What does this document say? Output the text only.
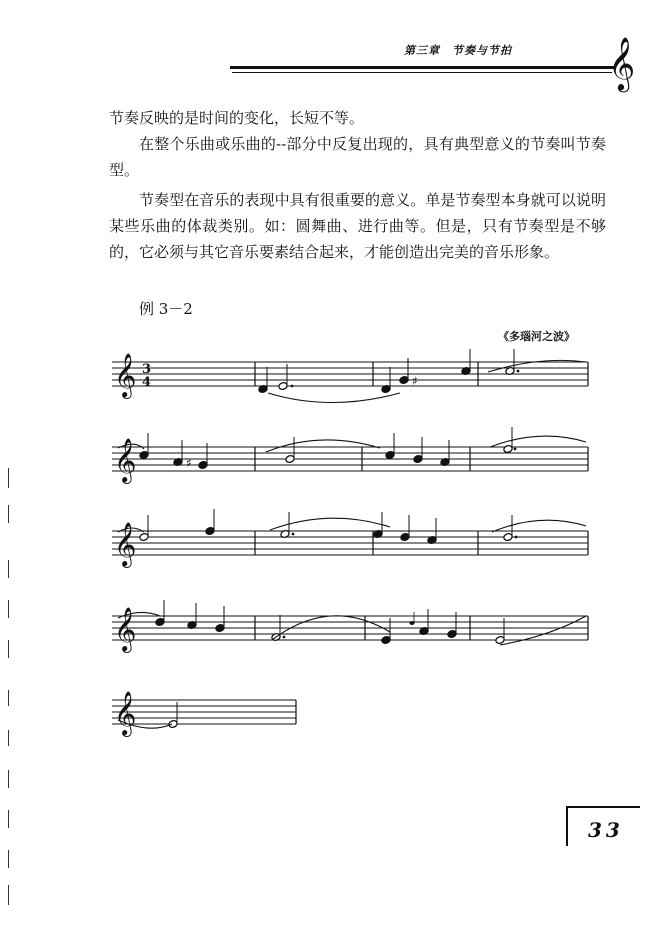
第三章　节奏与节拍 𝄞

节奏反映的是时间的变化，长短不等。

在整个乐曲或乐曲的--部分中反复出现的，具有典型意义的节奏叫节奏型。

节奏型在音乐的表现中具有很重要的意义。单是节奏型本身就可以说明某些乐曲的体裁类别。如：圆舞曲、进行曲等。但是，只有节奏型是不够的，它必须与其它音乐要素结合起来，才能创造出完美的音乐形象。

例 3－2
《多瑙河之波》
𝄞
𝄞
𝄞
𝄞
𝄞
3
4	♯
♯
33
